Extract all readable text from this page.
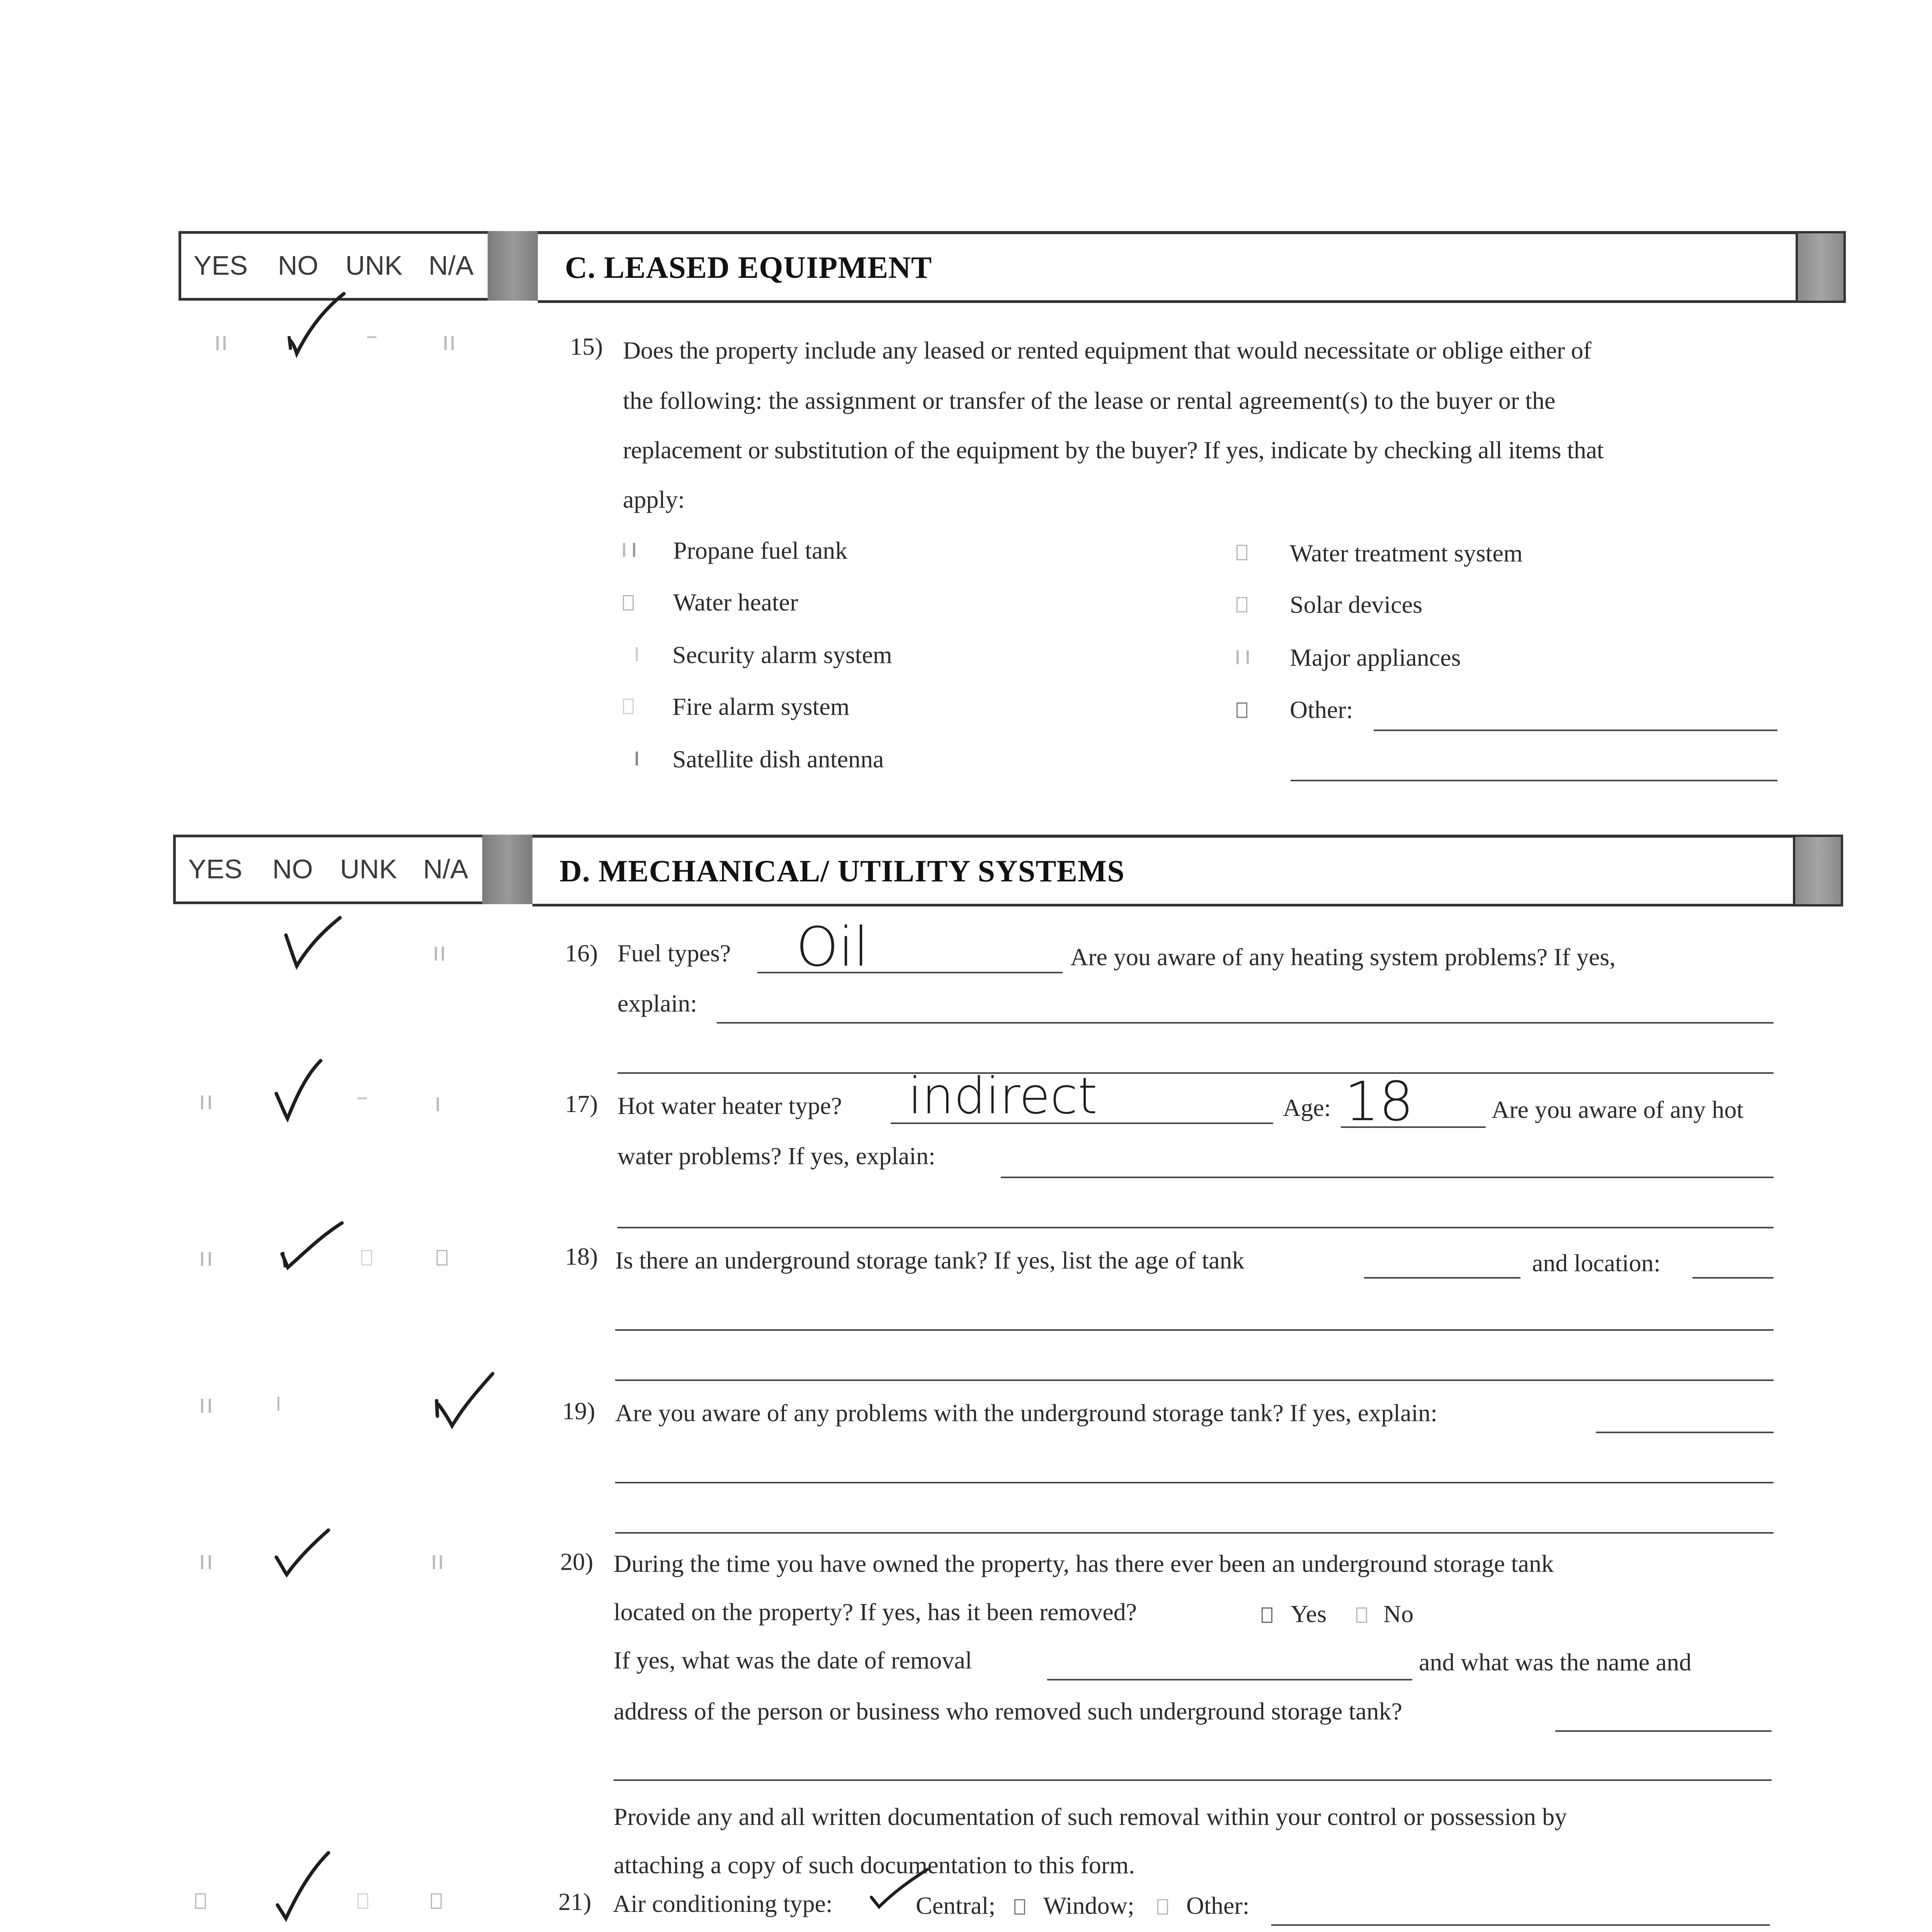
YES NO UNK N/A	C. LEASED EQUIPMENT
15) Does the property include any leased or rented equipment that would necessitate or oblige either of
the following: the assignment or transfer of the lease or rental agreement(s) to the buyer or the
replacement or substitution of the equipment by the buyer? If yes, indicate by checking all items that
apply:
Propane fuel tank
Water heater
Security alarm system
Fire alarm system
Satellite dish antenna
Water treatment system
Solar devices
Major appliances
Other:
YES NO UNK N/A	D. MECHANICAL/ UTILITY SYSTEMS
16) Fuel types? Oil	Are you aware of any heating system problems? If yes,
explain:
17) Hot water heater type? indirect	Age: 18	Are you aware of any hot
water problems? If yes, explain:
18) Is there an underground storage tank? If yes, list the age of tank	and location:
19) Are you aware of any problems with the underground storage tank? If yes, explain:
20) During the time you have owned the property, has there ever been an underground storage tank
located on the property? If yes, has it been removed?	Yes No
If yes, what was the date of removal	and what was the name and
address of the person or business who removed such underground storage tank?
Provide any and all written documentation of such removal within your control or possession by
attaching a copy of such documentation to this form.
21) Air conditioning type:	Central; Window; Other:
